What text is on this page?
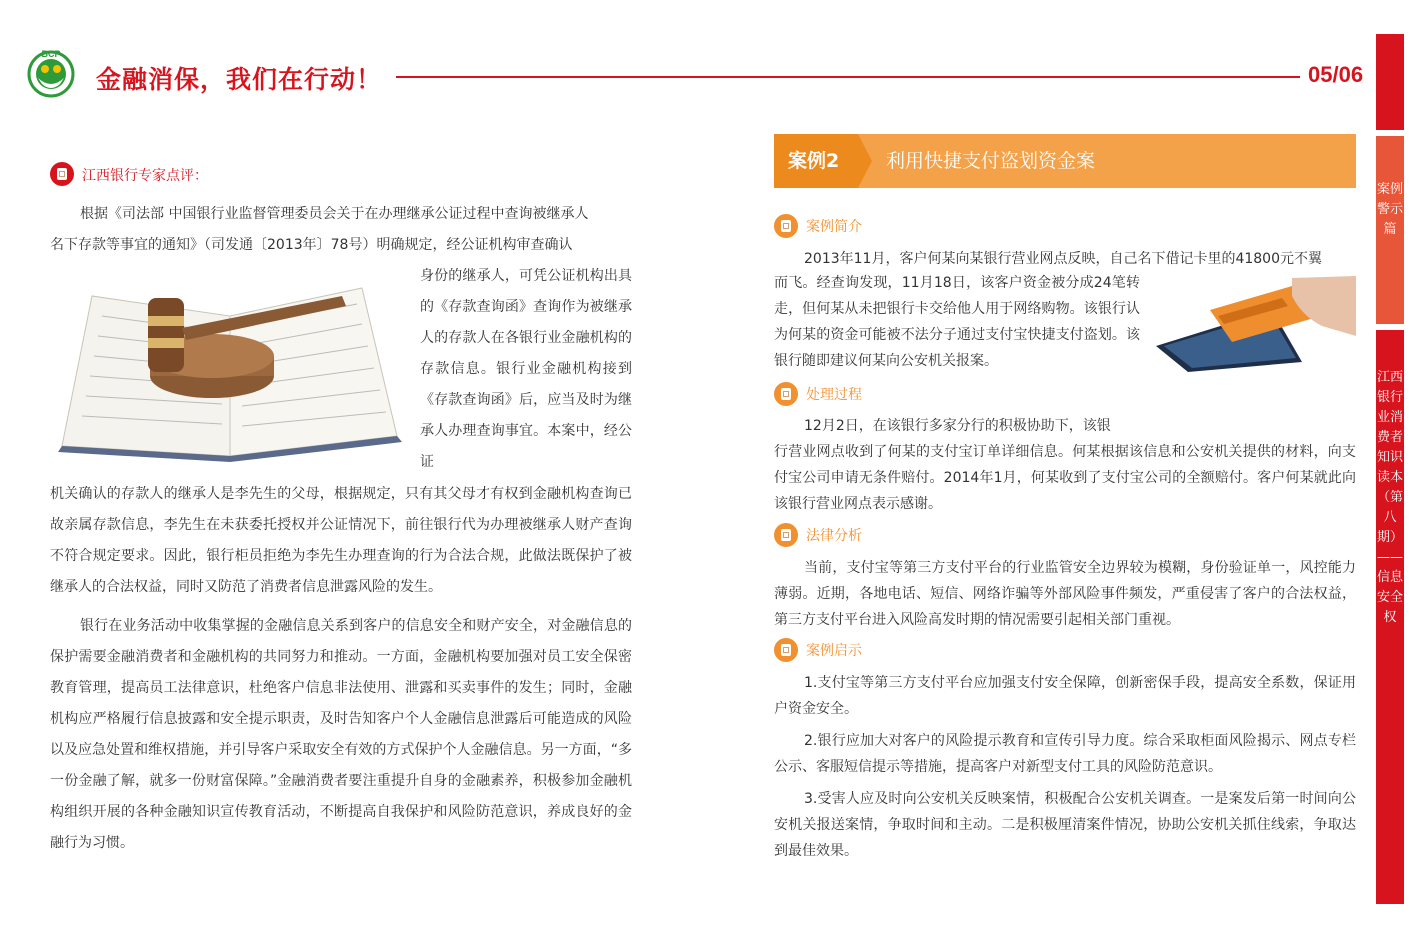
BCP
金融消保，我们在行动！	05/06
案例警示篇
江西银行业消费者知识读本（第八期）——信息安全权
江西银行专家点评：

根据《司法部 中国银行业监督管理委员会关于在办理继承公证过程中查询被继承人

名下存款等事宜的通知》（司发通〔2013年〕78号）明确规定，经公证机构审查确认

身份的继承人，可凭公证机构出具的《存款查询函》查询作为被继承人的存款人在各银行业金融机构的存款信息。银行业金融机构接到《存款查询函》后，应当及时为继承人办理查询事宜。本案中，经公证

机关确认的存款人的继承人是李先生的父母，根据规定，只有其父母才有权到金融机构查询已故亲属存款信息，李先生在未获委托授权并公证情况下，前往银行代为办理被继承人财产查询不符合规定要求。因此，银行柜员拒绝为李先生办理查询的行为合法合规，此做法既保护了被继承人的合法权益，同时又防范了消费者信息泄露风险的发生。

银行在业务活动中收集掌握的金融信息关系到客户的信息安全和财产安全，对金融信息的保护需要金融消费者和金融机构的共同努力和推动。一方面，金融机构要加强对员工安全保密教育管理，提高员工法律意识，杜绝客户信息非法使用、泄露和买卖事件的发生；同时，金融机构应严格履行信息披露和安全提示职责，及时告知客户个人金融信息泄露后可能造成的风险以及应急处置和维权措施，并引导客户采取安全有效的方式保护个人金融信息。另一方面，“多一份金融了解，就多一份财富保障。”金融消费者要注重提升自身的金融素养，积极参加金融机构组织开展的各种金融知识宣传教育活动，不断提高自我保护和风险防范意识，养成良好的金融行为习惯。

案例2	利用快捷支付盗划资金案
案例简介

2013年11月，客户何某向某银行营业网点反映，自己名下借记卡里的41800元不翼

而飞。经查询发现，11月18日，该客户资金被分成24笔转走，但何某从未把银行卡交给他人用于网络购物。该银行认为何某的资金可能被不法分子通过支付宝快捷支付盗划。该银行随即建议何某向公安机关报案。

处理过程

12月2日，在该银行多家分行的积极协助下，该银

行营业网点收到了何某的支付宝订单详细信息。何某根据该信息和公安机关提供的材料，向支付宝公司申请无条件赔付。2014年1月，何某收到了支付宝公司的全额赔付。客户何某就此向该银行营业网点表示感谢。

法律分析

当前，支付宝等第三方支付平台的行业监管安全边界较为模糊，身份验证单一，风控能力薄弱。近期，各地电话、短信、网络诈骗等外部风险事件频发，严重侵害了客户的合法权益，第三方支付平台进入风险高发时期的情况需要引起相关部门重视。

案例启示

1.支付宝等第三方支付平台应加强支付安全保障，创新密保手段，提高安全系数，保证用户资金安全。

2.银行应加大对客户的风险提示教育和宣传引导力度。综合采取柜面风险揭示、网点专栏公示、客服短信提示等措施，提高客户对新型支付工具的风险防范意识。

3.受害人应及时向公安机关反映案情，积极配合公安机关调查。一是案发后第一时间向公安机关报送案情，争取时间和主动。二是积极厘清案件情况，协助公安机关抓住线索，争取达到最佳效果。
